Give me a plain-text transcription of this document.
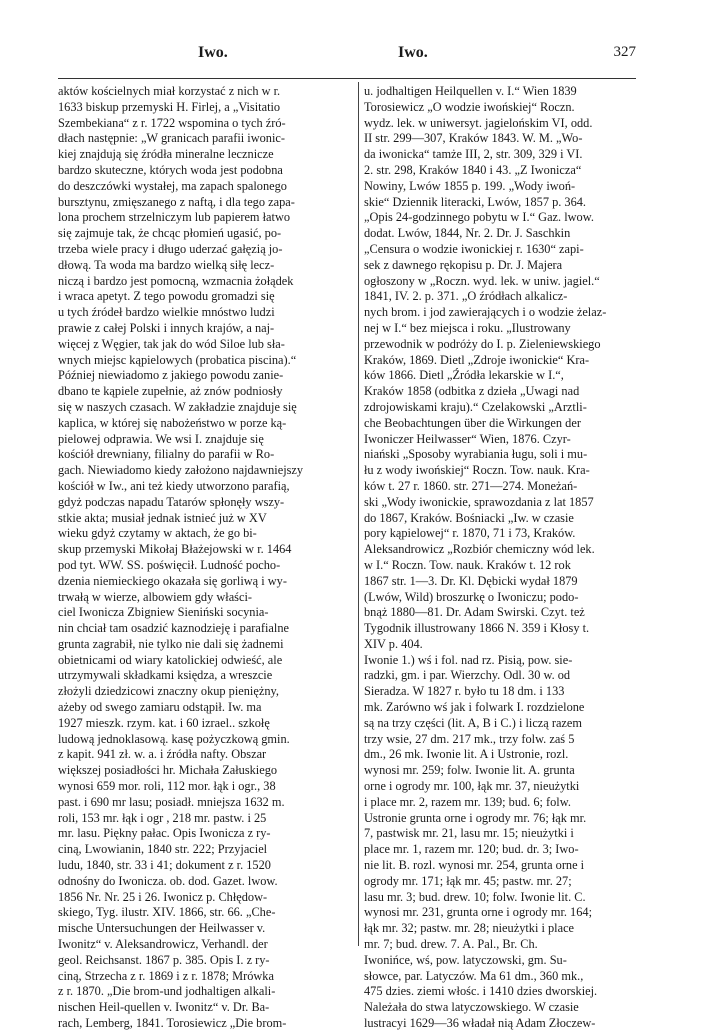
Iwo.	Iwo.	327
aktów kościelnych miał korzystać z nich w r.
1633 biskup przemyski H. Firlej, a „Visitatio
Szembekiana“ z r. 1722 wspomina o tych źró-
dłach następnie: „W granicach parafii iwonic-
kiej znajdują się źródła mineralne lecznicze
bardzo skuteczne, których woda jest podobna
do deszczówki wystałej, ma zapach spalonego
bursztynu, zmięszanego z naftą, i dla tego zapa-
lona prochem strzelniczym lub papierem łatwo
się zajmuje tak, że chcąc płomień ugasić, po-
trzeba wiele pracy i długo uderzać gałęzią jo-
dłową. Ta woda ma bardzo wielką siłę lecz-
niczą i bardzo jest pomocną, wzmacnia żołądek
i wraca apetyt. Z tego powodu gromadzi się
u tych źródeł bardzo wielkie mnóstwo ludzi
prawie z całej Polski i innych krajów, a naj-
więcej z Węgier, tak jak do wód Siloe lub sła-
wnych miejsc kąpielowych (probatica piscina).“
Później niewiadomo z jakiego powodu zanie-
dbano te kąpiele zupełnie, aż znów podniosły
się w naszych czasach. W zakładzie znajduje się
kaplica, w której się nabożeństwo w porze ką-
pielowej odprawia. We wsi I. znajduje się
kościół drewniany, filialny do parafii w Ro-
gach. Niewiadomo kiedy założono najdawniejszy
kościół w Iw., ani też kiedy utworzono parafią,
gdyż podczas napadu Tatarów spłonęły wszy-
stkie akta; musiał jednak istnieć już w XV
wieku gdyż czytamy w aktach, że go bi-
skup przemyski Mikołaj Błażejowski w r. 1464
pod tyt. WW. SS. poświęcił. Ludność pocho-
dzenia niemieckiego okazała się gorliwą i wy-
trwałą w wierze, albowiem gdy właści-
ciel Iwonicza Zbigniew Sieniński socynia-
nin chciał tam osadzić kaznodzieję i parafialne
grunta zagrabił, nie tylko nie dali się żadnemi
obietnicami od wiary katolickiej odwieść, ale
utrzymywali składkami księdza, a wreszcie
złożyli dziedzicowi znaczny okup pieniężny,
ażeby od swego zamiaru odstąpił. Iw. ma
1927 mieszk. rzym. kat. i 60 izrael.. szkołę
ludową jednoklasową. kasę pożyczkową gmin.
z kapit. 941 zł. w. a. i źródła nafty. Obszar
większej posiadłości hr. Michała Załuskiego
wynosi 659 mor. roli, 112 mor. łąk i ogr., 38
past. i 690 mr lasu; posiadł. mniejsza 1632 m.
roli, 153 mr. łąk i ogr , 218 mr. pastw. i 25
mr. lasu. Piękny pałac. Opis Iwonicza z ry-
ciną, Lwowianin, 1840 str. 222; Przyjaciel
ludu, 1840, str. 33 i 41; dokument z r. 1520
odnośny do Iwonicza. ob. dod. Gazet. lwow.
1856 Nr. Nr. 25 i 26. Iwonicz p. Chłędow-
skiego, Tyg. ilustr. XIV. 1866, str. 66. „Che-
mische Untersuchungen der Heilwasser v.
Iwonitz“ v. Aleksandrowicz, Verhandl. der
geol. Reichsanst. 1867 p. 385. Opis I. z ry-
ciną, Strzecha z r. 1869 i z r. 1878; Mrówka
z r. 1870. „Die brom-und jodhaltigen alkali-
nischen Heil-quellen v. Iwonitz“ v. Dr. Ba-
rach, Lemberg, 1841. Torosiewicz „Die brom-
u. jodhaltigen Heilquellen v. I.“ Wien 1839
Torosiewicz „O wodzie iwońskiej“ Roczn.
wydz. lek. w uniwersyt. jagielońskim VI, odd.
II str. 299—307, Kraków 1843. W. M. „Wo-
da iwonicka“ tamże III, 2, str. 309, 329 i VI.
2. str. 298, Kraków 1840 i 43. „Z Iwonicza“
Nowiny, Lwów 1855 p. 199. „Wody iwoń-
skie“ Dziennik literacki, Lwów, 1857 p. 364.
„Opis 24-godzinnego pobytu w I.“ Gaz. lwow.
dodat. Lwów, 1844, Nr. 2. Dr. J. Saschkin
„Censura o wodzie iwonickiej r. 1630“ zapi-
sek z dawnego rękopisu p. Dr. J. Majera
ogłoszony w „Roczn. wyd. lek. w uniw. jagiel.“
1841, IV. 2. p. 371. „O źródłach alkalicz-
nych brom. i jod zawierających i o wodzie żelaz-
nej w I.“ bez miejsca i roku. „Ilustrowany
przewodnik w podróży do I. p. Zieleniewskiego
Kraków, 1869. Dietl „Zdroje iwonickie“ Kra-
ków 1866. Dietl „Źródła lekarskie w I.“,
Kraków 1858 (odbitka z dzieła „Uwagi nad
zdrojowiskami kraju).“ Czelakowski „Arztli-
che Beobachtungen über die Wirkungen der
Iwoniczer Heilwasser“ Wien, 1876. Czyr-
niański „Sposoby wyrabiania ługu, soli i mu-
łu z wody iwońskiej“ Roczn. Tow. nauk. Kra-
ków t. 27 r. 1860. str. 271—274. Moneżań-
ski „Wody iwonickie, sprawozdania z lat 1857
do 1867, Kraków. Bośniacki „Iw. w czasie
pory kąpielowej“ r. 1870, 71 i 73, Kraków.
Aleksandrowicz „Rozbiór chemiczny wód lek.
w I.“ Roczn. Tow. nauk. Kraków t. 12 rok
1867 str. 1—3. Dr. Kl. Dębicki wydał 1879
(Lwów, Wild) broszurkę o Iwoniczu; podo-
bnąż 1880—81. Dr. Adam Swirski. Czyt. też
Tygodnik illustrowany 1866 N. 359 i Kłosy t.
XIV p. 404.
Iwonie 1.) wś i fol. nad rz. Pisią, pow. sie-
radzki, gm. i par. Wierzchy. Odl. 30 w. od
Sieradza. W 1827 r. było tu 18 dm. i 133
mk. Zarówno wś jak i folwark I. rozdzielone
są na trzy części (lit. A, B i C.) i liczą razem
trzy wsie, 27 dm. 217 mk., trzy folw. zaś 5
dm., 26 mk. Iwonie lit. A i Ustronie, rozl.
wynosi mr. 259; folw. Iwonie lit. A. grunta
orne i ogrody mr. 100, łąk mr. 37, nieużytki
i place mr. 2, razem mr. 139; bud. 6; folw.
Ustronie grunta orne i ogrody mr. 76; łąk mr.
7, pastwisk mr. 21, lasu mr. 15; nieużytki i
place mr. 1, razem mr. 120; bud. dr. 3; Iwo-
nie lit. B. rozl. wynosi mr. 254, grunta orne i
ogrody mr. 171; łąk mr. 45; pastw. mr. 27;
lasu mr. 3; bud. drew. 10; folw. Iwonie lit. C.
wynosi mr. 231, grunta orne i ogrody mr. 164;
łąk mr. 32; pastw. mr. 28; nieużytki i place
mr. 7; bud. drew. 7. A. Pal., Br. Ch.
Iwonińce, wś, pow. latyczowski, gm. Su-
słowce, par. Latyczów. Ma 61 dm., 360 mk.,
475 dzies. ziemi włośc. i 1410 dzies dworskiej.
Należała do stwa latyczowskiego. W czasie
lustracyi 1629—36 władał nią Adam Złoczew-
